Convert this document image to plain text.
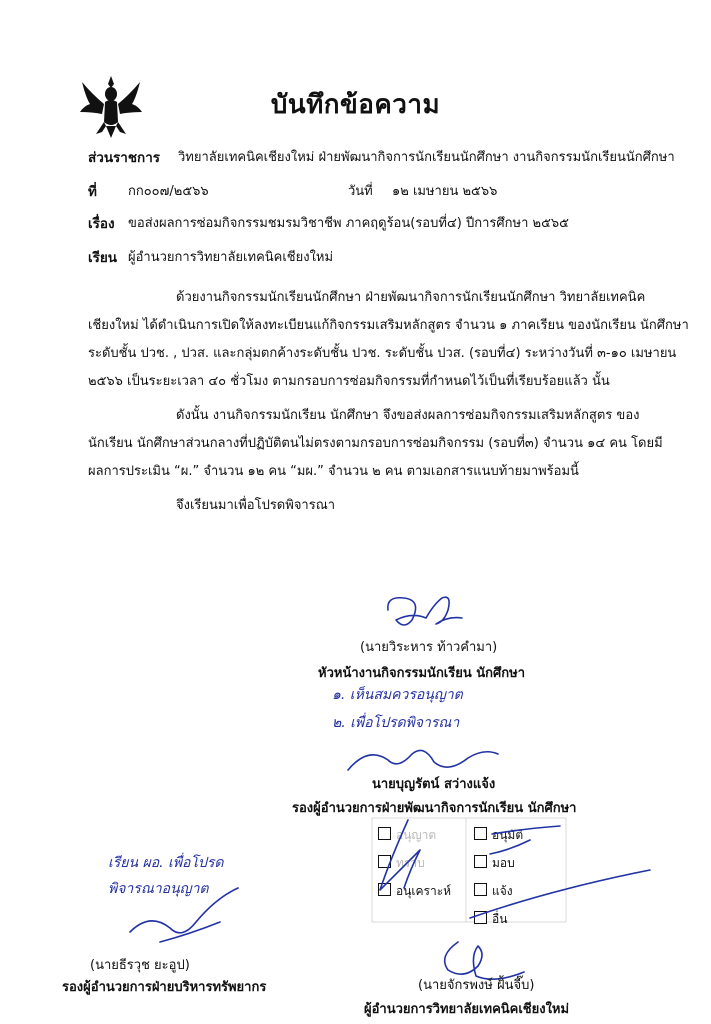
บันทึกข้อความ
ส่วนราชการ วิทยาลัยเทคนิคเชียงใหม่ ฝ่ายพัฒนากิจการนักเรียนนักศึกษา งานกิจกรรมนักเรียนนักศึกษา
ที่ กก๐๐๗/๒๕๖๖	วันที่ ๑๒ เมษายน ๒๕๖๖
เรื่อง ขอส่งผลการซ่อมกิจกรรมชมรมวิชาชีพ ภาคฤดูร้อน(รอบที่๔) ปีการศึกษา ๒๕๖๕
เรียน ผู้อำนวยการวิทยาลัยเทคนิคเชียงใหม่
ด้วยงานกิจกรรมนักเรียนนักศึกษา ฝ่ายพัฒนากิจการนักเรียนนักศึกษา วิทยาลัยเทคนิค
เชียงใหม่ ได้ดำเนินการเปิดให้ลงทะเบียนแก้กิจกรรมเสริมหลักสูตร จำนวน ๑ ภาคเรียน ของนักเรียน นักศึกษา
ระดับชั้น ปวช. , ปวส. และกลุ่มตกค้างระดับชั้น ปวช. ระดับชั้น ปวส. (รอบที่๔) ระหว่างวันที่ ๓-๑๐ เมษายน
๒๕๖๖ เป็นระยะเวลา ๔๐ ชั่วโมง ตามกรอบการซ่อมกิจกรรมที่กำหนดไว้เป็นที่เรียบร้อยแล้ว นั้น
ดังนั้น งานกิจกรรมนักเรียน นักศึกษา จึงขอส่งผลการซ่อมกิจกรรมเสริมหลักสูตร ของ
นักเรียน นักศึกษาส่วนกลางที่ปฏิบัติตนไม่ตรงตามกรอบการซ่อมกิจกรรม (รอบที่๓) จำนวน ๑๔ คน โดยมี
ผลการประเมิน “ผ.” จำนวน ๑๒ คน “มผ.” จำนวน ๒ คน ตามเอกสารแนบท้ายมาพร้อมนี้
จึงเรียนมาเพื่อโปรดพิจารณา
(นายวิระหาร ท้าวคำมา)
หัวหน้างานกิจกรรมนักเรียน นักศึกษา
๑. เห็นสมควรอนุญาต
๒. เพื่อโปรดพิจารณา
นายบุญรัตน์ สว่างแจ้ง
รองผู้อำนวยการฝ่ายพัฒนากิจการนักเรียน นักศึกษา
อนุญาต
ทราบ
อนุเคราะห์
อนุมัติ
มอบ
แจ้ง
อื่น
เรียน ผอ. เพื่อโปรด
พิจารณาอนุญาต
(นายธีรวุช ยะอูป)
รองผู้อำนวยการฝ่ายบริหารทรัพยากร	(นายจักรพงษ์ ฝั้นจี๊บ)
ผู้อำนวยการวิทยาลัยเทคนิคเชียงใหม่
